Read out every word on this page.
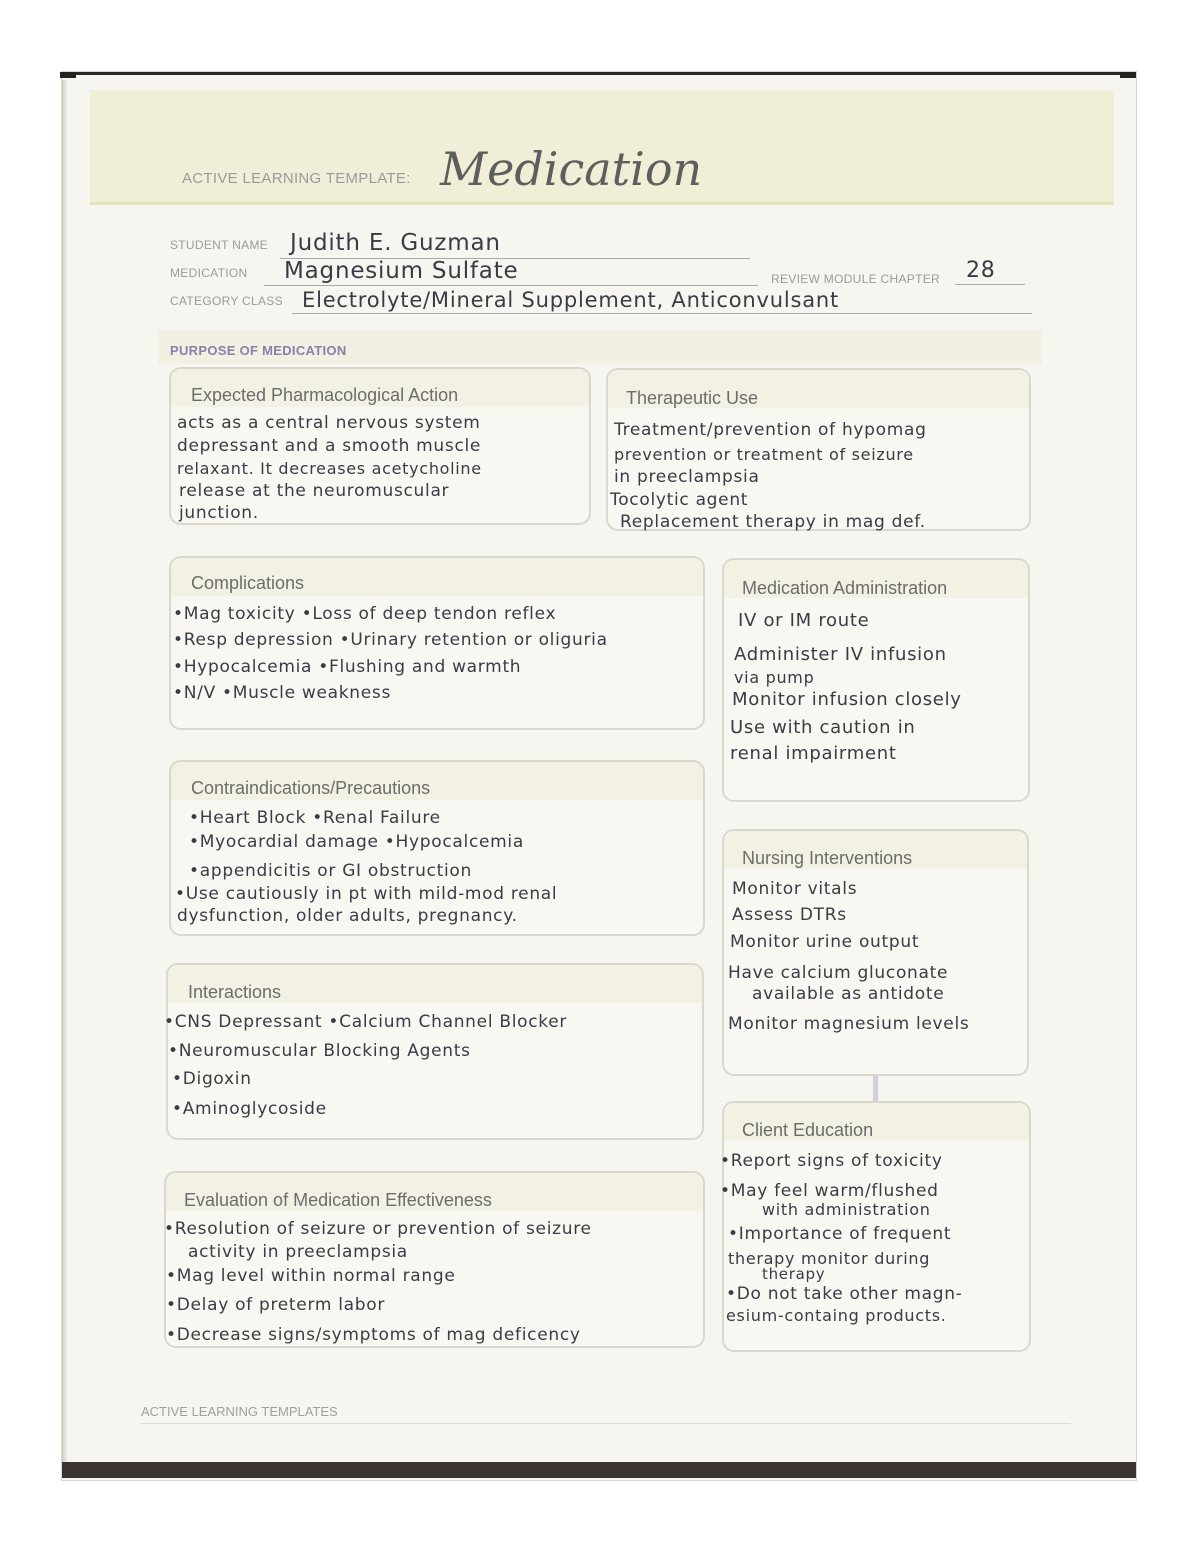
ACTIVE LEARNING TEMPLATE: Medication
STUDENT NAME Judith E. Guzman
MEDICATION Magnesium Sulfate	REVIEW MODULE CHAPTER 28
CATEGORY CLASS Electrolyte/Mineral Supplement, Anticonvulsant
PURPOSE OF MEDICATION
Expected Pharmacological Action
acts as a central nervous system
depressant and a smooth muscle
relaxant. It decreases acetycholine
release at the neuromuscular
junction.
Therapeutic Use
Treatment/prevention of hypomag
prevention or treatment of seizure
in preeclampsia
Tocolytic agent
Replacement therapy in mag def.
Complications
•Mag toxicity •Loss of deep tendon reflex
•Resp depression •Urinary retention or oliguria
•Hypocalcemia •Flushing and warmth
•N/V •Muscle weakness
Medication Administration
IV or IM route
Administer IV infusion
via pump
Monitor infusion closely
Use with caution in
renal impairment
Contraindications/Precautions
•Heart Block •Renal Failure
•Myocardial damage •Hypocalcemia
•appendicitis or GI obstruction
•Use cautiously in pt with mild-mod renal
dysfunction, older adults, pregnancy.
Nursing Interventions
Monitor vitals
Assess DTRs
Monitor urine output
Have calcium gluconate
available as antidote
Monitor magnesium levels
Interactions
•CNS Depressant •Calcium Channel Blocker
•Neuromuscular Blocking Agents
•Digoxin
•Aminoglycoside
Client Education
•Report signs of toxicity
•May feel warm/flushed
with administration
•Importance of frequent
therapy monitor during
therapy
•Do not take other magn-
esium-containg products.
Evaluation of Medication Effectiveness
•Resolution of seizure or prevention of seizure
activity in preeclampsia
•Mag level within normal range
•Delay of preterm labor
•Decrease signs/symptoms of mag deficency
ACTIVE LEARNING TEMPLATES
